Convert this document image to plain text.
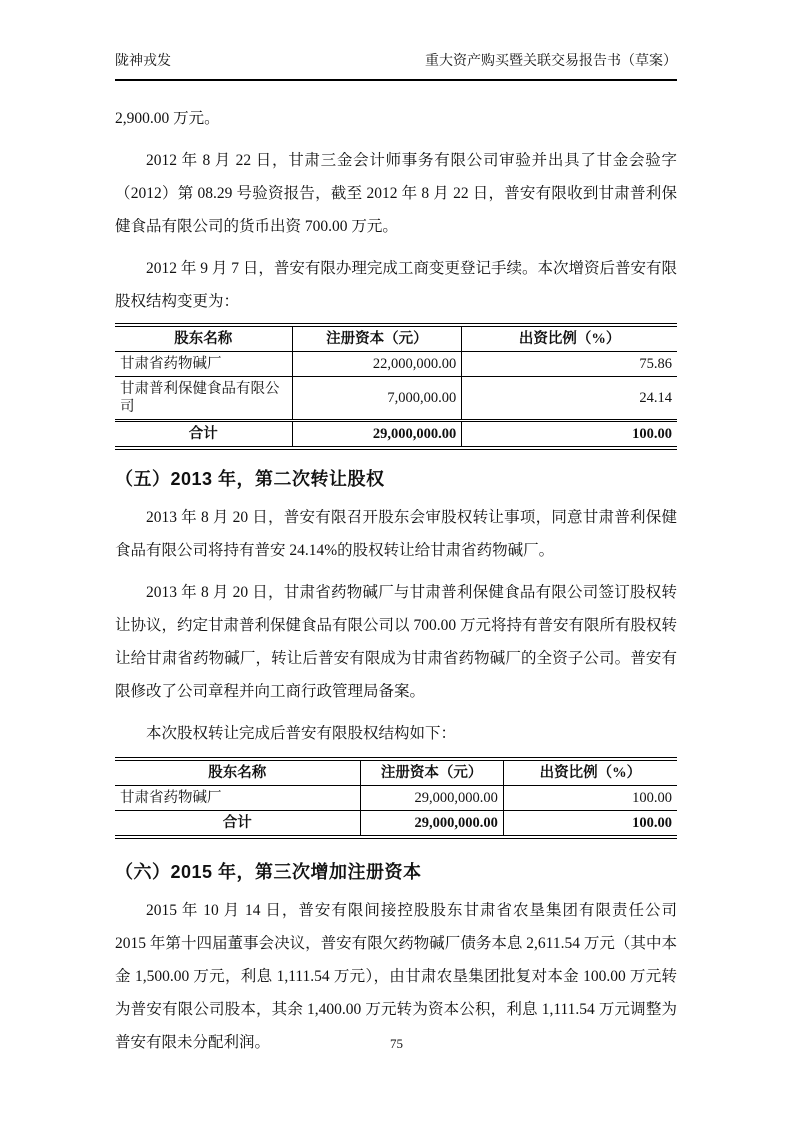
陇神戎发	重大资产购买暨关联交易报告书（草案）

2,900.00 万元。

2012 年 8 月 22 日，甘肃三金会计师事务有限公司审验并出具了甘金会验字（2012）第 08.29 号验资报告，截至 2012 年 8 月 22 日，普安有限收到甘肃普利保健食品有限公司的货币出资 700.00 万元。

2012 年 9 月 7 日，普安有限办理完成工商变更登记手续。本次增资后普安有限股权结构变更为：

股东名称	注册资本（元）	出资比例（%）
甘肃省药物碱厂	22,000,000.00	75.86
甘肃普利保健食品有限公司	7,000,00.00	24.14
合计	29,000,000.00	100.00
（五）2013 年，第二次转让股权

2013 年 8 月 20 日，普安有限召开股东会审股权转让事项，同意甘肃普利保健食品有限公司将持有普安 24.14%的股权转让给甘肃省药物碱厂。

2013 年 8 月 20 日，甘肃省药物碱厂与甘肃普利保健食品有限公司签订股权转让协议，约定甘肃普利保健食品有限公司以 700.00 万元将持有普安有限所有股权转让给甘肃省药物碱厂，转让后普安有限成为甘肃省药物碱厂的全资子公司。普安有限修改了公司章程并向工商行政管理局备案。

本次股权转让完成后普安有限股权结构如下：

股东名称	注册资本（元）	出资比例（%）
甘肃省药物碱厂	29,000,000.00	100.00
合计	29,000,000.00	100.00
（六）2015 年，第三次增加注册资本

2015 年 10 月 14 日，普安有限间接控股股东甘肃省农垦集团有限责任公司 2015 年第十四届董事会决议，普安有限欠药物碱厂债务本息 2,611.54 万元（其中本金 1,500.00 万元，利息 1,111.54 万元），由甘肃农垦集团批复对本金 100.00 万元转为普安有限公司股本，其余 1,400.00 万元转为资本公积，利息 1,111.54 万元调整为普安有限未分配利润。	75
